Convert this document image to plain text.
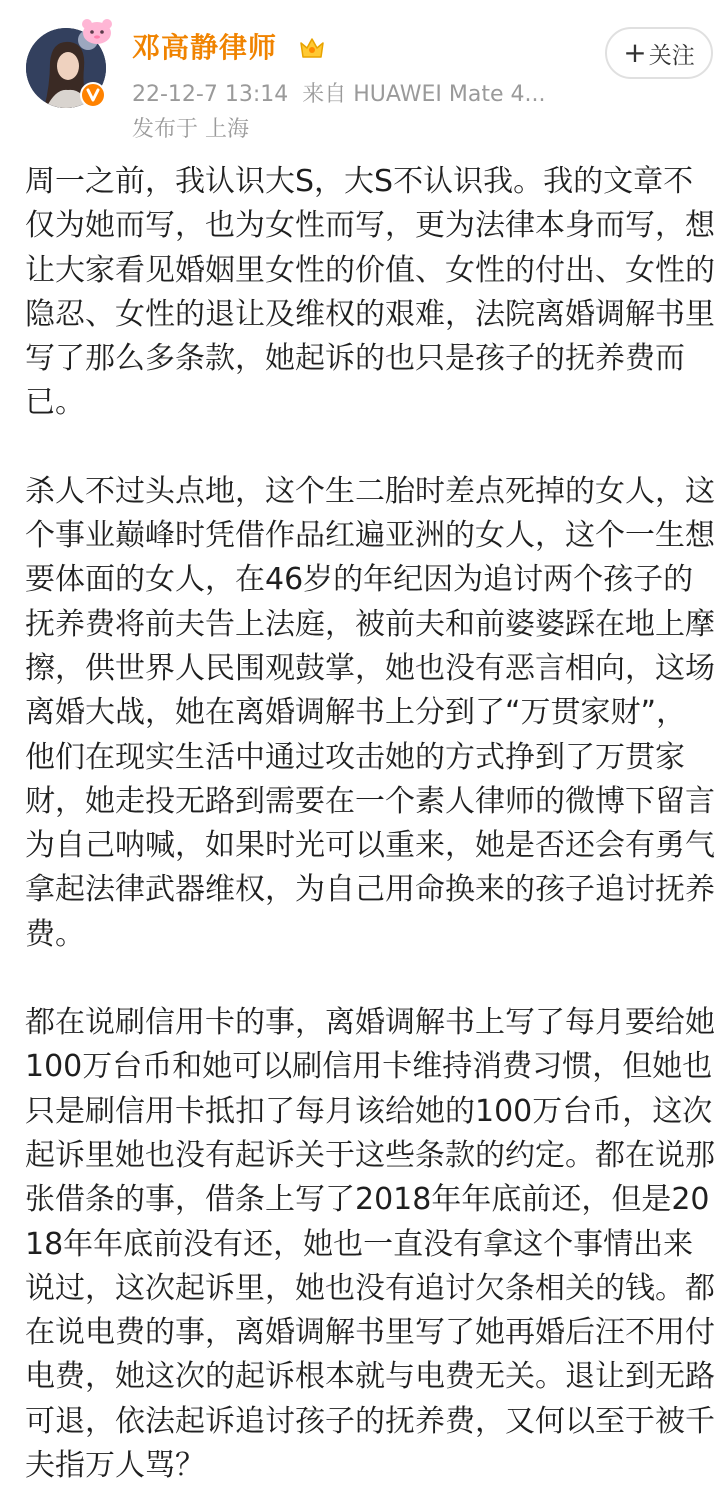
邓高静律师
22-12-7 13:14 来自 HUAWEI Mate 4...
发布于 上海
+ 关注

周一之前，我认识大S，大S不认识我。我的文章不仅为她而写，也为女性而写，更为法律本身而写，想让大家看见婚姻里女性的价值、女性的付出、女性的隐忍、女性的退让及维权的艰难，法院离婚调解书里写了那么多条款，她起诉的也只是孩子的抚养费而已。

杀人不过头点地，这个生二胎时差点死掉的女人，这个事业巅峰时凭借作品红遍亚洲的女人，这个一生想要体面的女人，在46岁的年纪因为追讨两个孩子的抚养费将前夫告上法庭，被前夫和前婆婆踩在地上摩擦，供世界人民围观鼓掌，她也没有恶言相向，这场离婚大战，她在离婚调解书上分到了“万贯家财”，他们在现实生活中通过攻击她的方式挣到了万贯家财，她走投无路到需要在一个素人律师的微博下留言为自己呐喊，如果时光可以重来，她是否还会有勇气拿起法律武器维权，为自己用命换来的孩子追讨抚养费。

都在说刷信用卡的事，离婚调解书上写了每月要给她100万台币和她可以刷信用卡维持消费习惯，但她也只是刷信用卡抵扣了每月该给她的100万台币，这次起诉里她也没有起诉关于这些条款的约定。都在说那张借条的事，借条上写了2018年年底前还，但是2018年年底前没有还，她也一直没有拿这个事情出来说过，这次起诉里，她也没有追讨欠条相关的钱。都在说电费的事，离婚调解书里写了她再婚后汪不用付电费，她这次的起诉根本就与电费无关。退让到无路可退，依法起诉追讨孩子的抚养费，又何以至于被千夫指万人骂？
